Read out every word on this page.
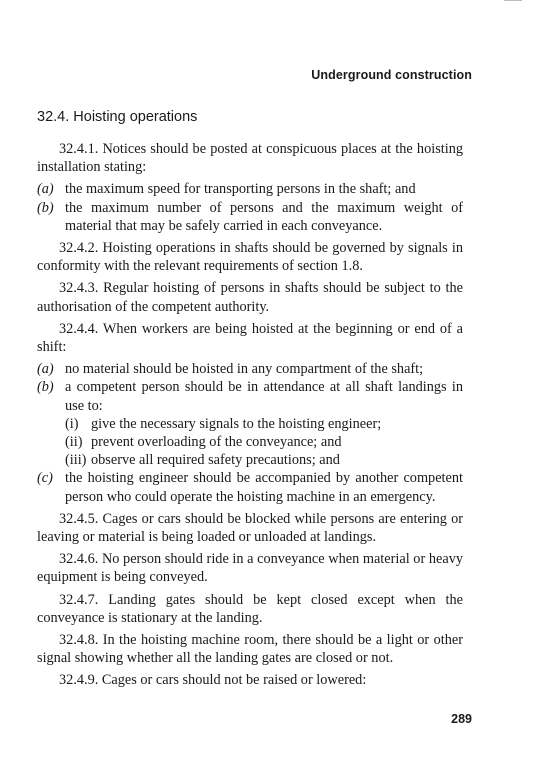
Underground construction
32.4. Hoisting operations

32.4.1. Notices should be posted at conspicuous places at the hoisting installation stating:

(a) the maximum speed for transporting persons in the shaft; and
(b) the maximum number of persons and the maximum weight of material that may be safely carried in each conveyance.

32.4.2. Hoisting operations in shafts should be governed by signals in conformity with the relevant requirements of section 1.8.

32.4.3. Regular hoisting of persons in shafts should be subject to the authorisation of the competent authority.

32.4.4. When workers are being hoisted at the beginning or end of a shift:

(a) no material should be hoisted in any compartment of the shaft;
(b) a competent person should be in attendance at all shaft landings in use to:
(i) give the necessary signals to the hoisting engineer;
(ii) prevent overloading of the conveyance; and
(iii) observe all required safety precautions; and
(c) the hoisting engineer should be accompanied by another competent person who could operate the hoisting machine in an emergency.

32.4.5. Cages or cars should be blocked while persons are entering or leaving or material is being loaded or unloaded at landings.

32.4.6. No person should ride in a conveyance when material or heavy equipment is being conveyed.

32.4.7. Landing gates should be kept closed except when the conveyance is stationary at the landing.

32.4.8. In the hoisting machine room, there should be a light or other signal showing whether all the landing gates are closed or not.

32.4.9. Cages or cars should not be raised or lowered:

289
